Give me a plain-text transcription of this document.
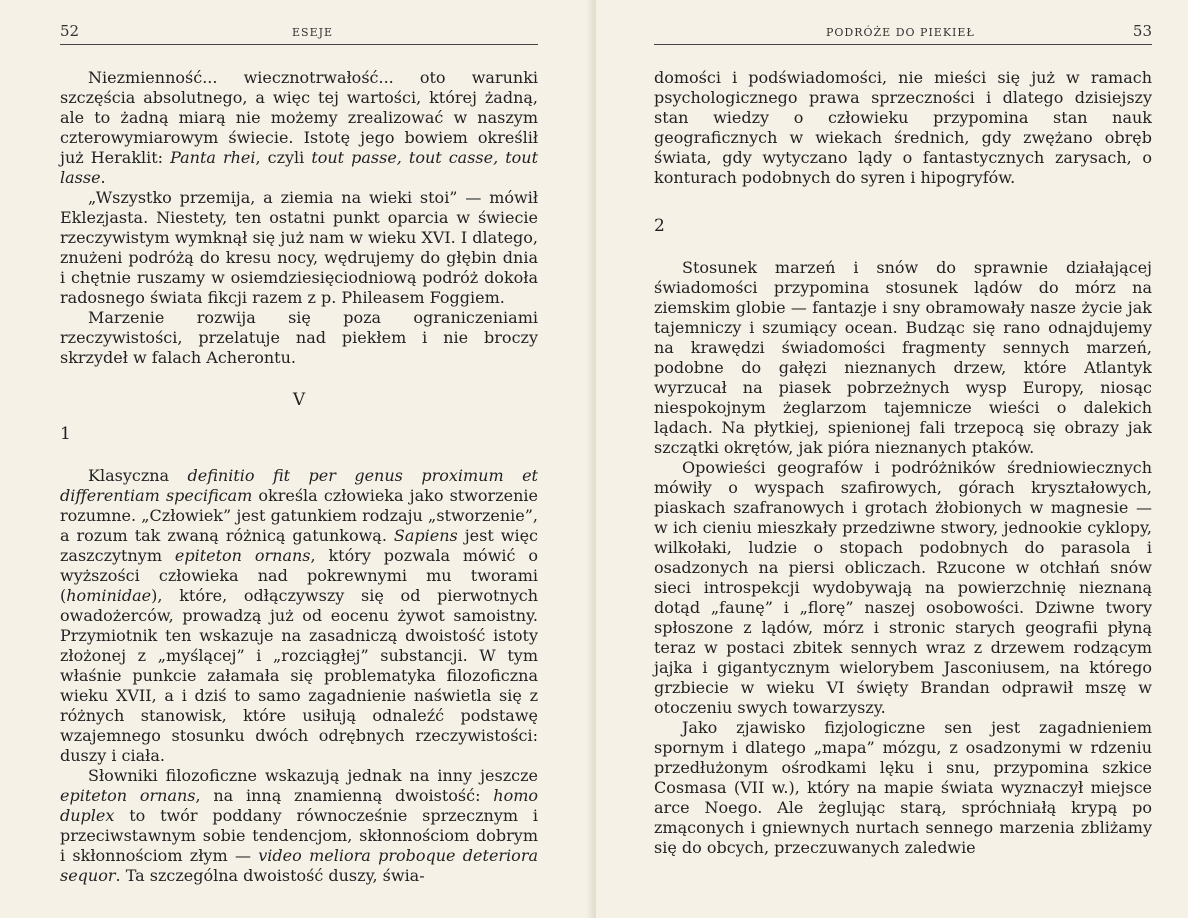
52	ESEJE

Niezmienność... wiecznotrwałość... oto warunki szczęścia absolutnego, a więc tej wartości, której żadną, ale to żadną miarą nie możemy zrealizować w naszym czterowymiarowym świecie. Istotę jego bowiem określił już Heraklit: Panta rhei, czyli tout passe, tout casse, tout lasse.

„Wszystko przemija, a ziemia na wieki stoi” — mówił Eklezjasta. Niestety, ten ostatni punkt oparcia w świecie rzeczywistym wymknął się już nam w wieku XVI. I dlatego, znużeni podróżą do kresu nocy, wędrujemy do głębin dnia i chętnie ruszamy w osiemdziesięciodniową podróż dokoła radosnego świata fikcji razem z p. Phileasem Foggiem.

Marzenie rozwija się poza ograniczeniami rzeczywistości, przelatuje nad piekłem i nie broczy skrzydeł w falach Acherontu.

V
1

Klasyczna definitio fit per genus proximum et differentiam specificam określa człowieka jako stworzenie rozumne. „Człowiek” jest gatunkiem rodzaju „stworzenie”, a rozum tak zwaną różnicą gatunkową. Sapiens jest więc zaszczytnym epiteton ornans, który pozwala mówić o wyższości człowieka nad pokrewnymi mu tworami (hominidae), które, odłączywszy się od pierwotnych owadożerców, prowadzą już od eocenu żywot samoistny. Przymiotnik ten wskazuje na zasadniczą dwoistość istoty złożonej z „myślącej” i „rozciągłej” substancji. W tym właśnie punkcie załamała się problematyka filozoficzna wieku XVII, a i dziś to samo zagadnienie naświetla się z różnych stanowisk, które usiłują odnaleźć podstawę wzajemnego stosunku dwóch odrębnych rzeczywistości: duszy i ciała.

Słowniki filozoficzne wskazują jednak na inny jeszcze epiteton ornans, na inną znamienną dwoistość: homo duplex to twór poddany równocześnie sprzecznym i przeciwstawnym sobie tendencjom, skłonnościom dobrym i skłonnościom złym — video meliora proboque deteriora sequor. Ta szczególna dwoistość duszy, świa-

PODRÓŻE DO PIEKIEŁ	53

domości i podświadomości, nie mieści się już w ramach psychologicznego prawa sprzeczności i dlatego dzisiejszy stan wiedzy o człowieku przypomina stan nauk geograficznych w wiekach średnich, gdy zwężano obręb świata, gdy wytyczano lądy o fantastycznych zarysach, o konturach podobnych do syren i hipogryfów.

2

Stosunek marzeń i snów do sprawnie działającej świadomości przypomina stosunek lądów do mórz na ziemskim globie — fantazje i sny obramowały nasze życie jak tajemniczy i szumiący ocean. Budząc się rano odnajdujemy na krawędzi świadomości fragmenty sennych marzeń, podobne do gałęzi nieznanych drzew, które Atlantyk wyrzucał na piasek pobrzeżnych wysp Europy, niosąc niespokojnym żeglarzom tajemnicze wieści o dalekich lądach. Na płytkiej, spienionej fali trzepocą się obrazy jak szczątki okrętów, jak pióra nieznanych ptaków.

Opowieści geografów i podróżników średniowiecznych mówiły o wyspach szafirowych, górach kryształowych, piaskach szafranowych i grotach żłobionych w magnesie — w ich cieniu mieszkały przedziwne stwory, jednookie cyklopy, wilkołaki, ludzie o stopach podobnych do parasola i osadzonych na piersi obliczach. Rzucone w otchłań snów sieci introspekcji wydobywają na powierzchnię nieznaną dotąd „faunę” i „florę” naszej osobowości. Dziwne twory spłoszone z lądów, mórz i stronic starych geografii płyną teraz w postaci zbitek sennych wraz z drzewem rodzącym jajka i gigantycznym wielorybem Jasconiusem, na którego grzbiecie w wieku VI święty Brandan odprawił mszę w otoczeniu swych towarzyszy.

Jako zjawisko fizjologiczne sen jest zagadnieniem spornym i dlatego „mapa” mózgu, z osadzonymi w rdzeniu przedłużonym ośrodkami lęku i snu, przypomina szkice Cosmasa (VII w.), który na mapie świata wyznaczył miejsce arce Noego. Ale żeglując starą, spróchniałą krypą po zmąconych i gniewnych nurtach sennego marzenia zbliżamy się do obcych, przeczuwanych zaledwie
